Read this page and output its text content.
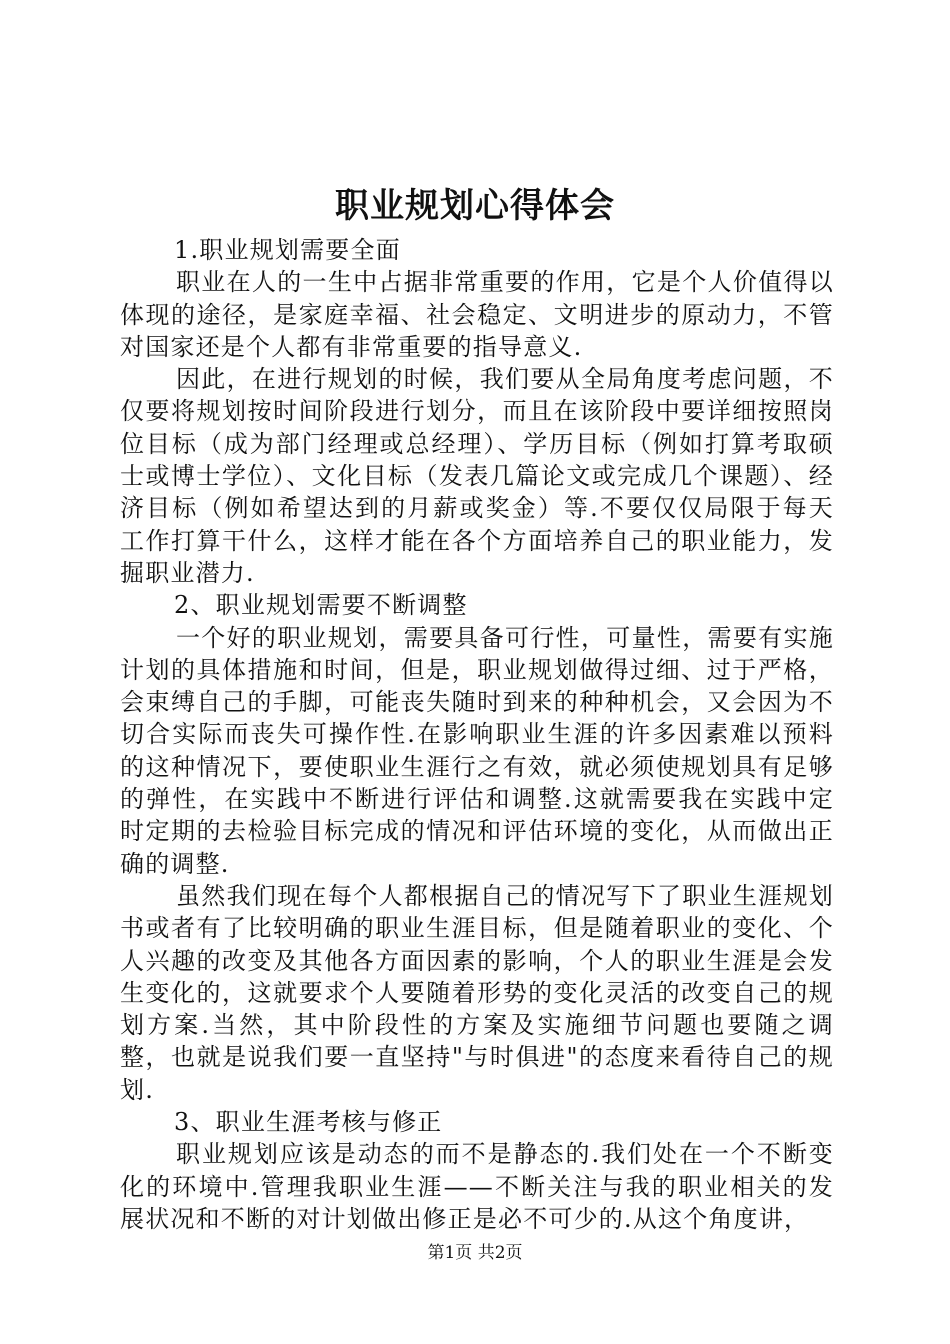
职业规划心得体会

1.职业规划需要全面

职业在人的一生中占据非常重要的作用，它是个人价值得以体现的途径，是家庭幸福、社会稳定、文明进步的原动力，不管对国家还是个人都有非常重要的指导意义.

因此，在进行规划的时候，我们要从全局角度考虑问题，不仅要将规划按时间阶段进行划分，而且在该阶段中要详细按照岗位目标（成为部门经理或总经理）、学历目标（例如打算考取硕士或博士学位）、文化目标（发表几篇论文或完成几个课题）、经济目标（例如希望达到的月薪或奖金）等.不要仅仅局限于每天工作打算干什么，这样才能在各个方面培养自己的职业能力，发掘职业潜力.

2、职业规划需要不断调整

一个好的职业规划，需要具备可行性，可量性，需要有实施计划的具体措施和时间，但是，职业规划做得过细、过于严格，会束缚自己的手脚，可能丧失随时到来的种种机会，又会因为不切合实际而丧失可操作性.在影响职业生涯的许多因素难以预料的这种情况下，要使职业生涯行之有效，就必须使规划具有足够的弹性，在实践中不断进行评估和调整.这就需要我在实践中定时定期的去检验目标完成的情况和评估环境的变化，从而做出正确的调整.

虽然我们现在每个人都根据自己的情况写下了职业生涯规划书或者有了比较明确的职业生涯目标，但是随着职业的变化、个人兴趣的改变及其他各方面因素的影响，个人的职业生涯是会发生变化的，这就要求个人要随着形势的变化灵活的改变自己的规划方案.当然，其中阶段性的方案及实施细节问题也要随之调整，也就是说我们要一直坚持"与时俱进"的态度来看待自己的规划.

3、职业生涯考核与修正

职业规划应该是动态的而不是静态的.我们处在一个不断变化的环境中.管理我职业生涯——不断关注与我的职业相关的发展状况和不断的对计划做出修正是必不可少的.从这个角度讲，

第1页 共2页
